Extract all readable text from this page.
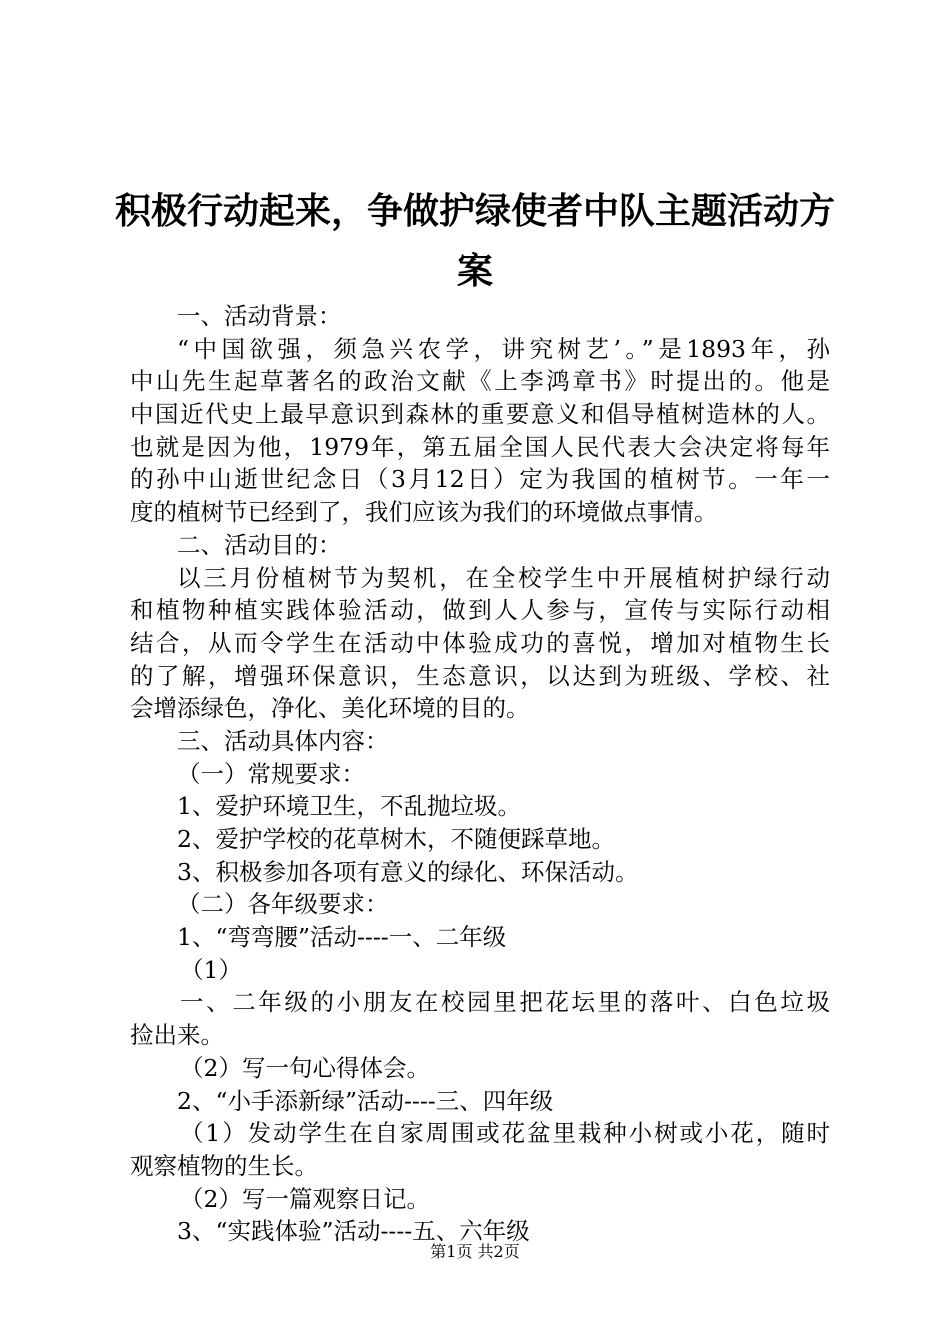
积极行动起来，争做护绿使者中队主题活动方
案
一、活动背景：
“中国欲强，须急兴农学，讲究树艺’。”是1893年，孙
中山先生起草著名的政治文献《上李鸿章书》时提出的。他是
中国近代史上最早意识到森林的重要意义和倡导植树造林的人。
也就是因为他，1979年，第五届全国人民代表大会决定将每年
的孙中山逝世纪念日（3月12日）定为我国的植树节。一年一
度的植树节已经到了，我们应该为我们的环境做点事情。
二、活动目的：
以三月份植树节为契机，在全校学生中开展植树护绿行动
和植物种植实践体验活动，做到人人参与，宣传与实际行动相
结合，从而令学生在活动中体验成功的喜悦，增加对植物生长
的了解，增强环保意识，生态意识，以达到为班级、学校、社
会增添绿色，净化、美化环境的目的。
三、活动具体内容：
（一）常规要求：
1、爱护环境卫生，不乱抛垃圾。
2、爱护学校的花草树木，不随便踩草地。
3、积极参加各项有意义的绿化、环保活动。
（二）各年级要求：
1、“弯弯腰”活动----一、二年级
（1）
一、二年级的小朋友在校园里把花坛里的落叶、白色垃圾
捡出来。
（2）写一句心得体会。
2、“小手添新绿”活动----三、四年级
（1）发动学生在自家周围或花盆里栽种小树或小花，随时
观察植物的生长。
（2）写一篇观察日记。
3、“实践体验”活动----五、六年级
第1页 共2页
